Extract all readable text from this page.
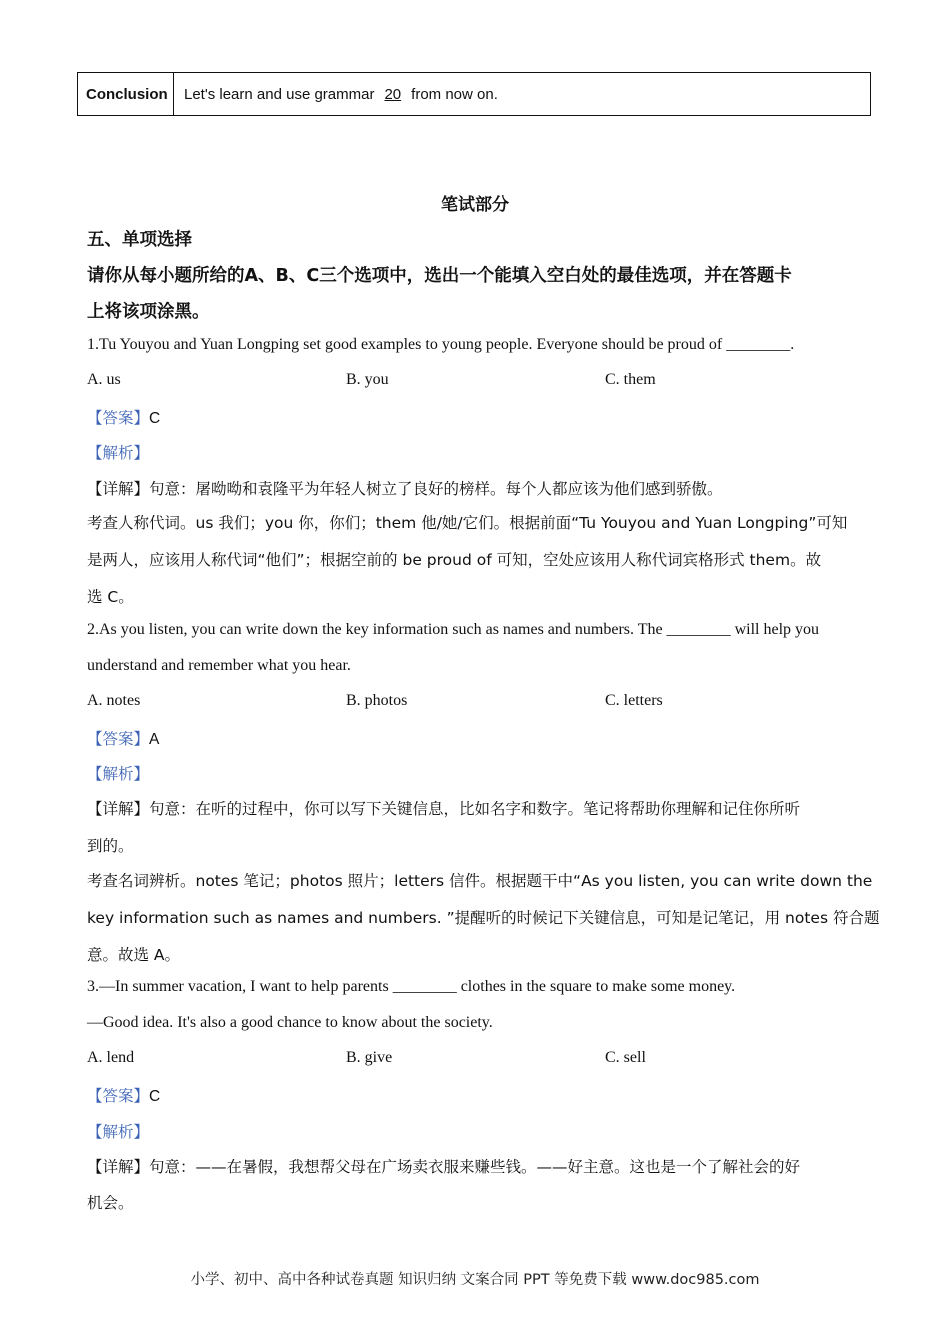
Conclusion	Let's learn and use grammar 20 from now on.
笔试部分
五、单项选择
请你从每小题所给的A、B、C三个选项中，选出一个能填入空白处的最佳选项，并在答题卡
上将该项涂黑。
1.Tu Youyou and Yuan Longping set good examples to young people. Everyone should be proud of ________.
A. us	B. you	C. them
【答案】C
【解析】
【详解】句意：屠呦呦和袁隆平为年轻人树立了良好的榜样。每个人都应该为他们感到骄傲。
考查人称代词。us 我们；you 你，你们；them 他/她/它们。根据前面“Tu Youyou and Yuan Longping”可知
是两人，应该用人称代词“他们”；根据空前的 be proud of 可知，空处应该用人称代词宾格形式 them。故
选 C。
2.As you listen, you can write down the key information such as names and numbers. The ________ will help you
understand and remember what you hear.
A. notes	B. photos	C. letters
【答案】A
【解析】
【详解】句意：在听的过程中，你可以写下关键信息，比如名字和数字。笔记将帮助你理解和记住你所听
到的。
考查名词辨析。notes 笔记；photos 照片；letters 信件。根据题干中“As you listen, you can write down the
key information such as names and numbers. ”提醒听的时候记下关键信息，可知是记笔记，用 notes 符合题
意。故选 A。
3.—In summer vacation, I want to help parents ________ clothes in the square to make some money.
—Good idea. It's also a good chance to know about the society.
A. lend	B. give	C. sell
【答案】C
【解析】
【详解】句意：——在暑假，我想帮父母在广场卖衣服来赚些钱。——好主意。这也是一个了解社会的好
机会。
小学、初中、高中各种试卷真题 知识归纳 文案合同 PPT 等免费下载 www.doc985.com
